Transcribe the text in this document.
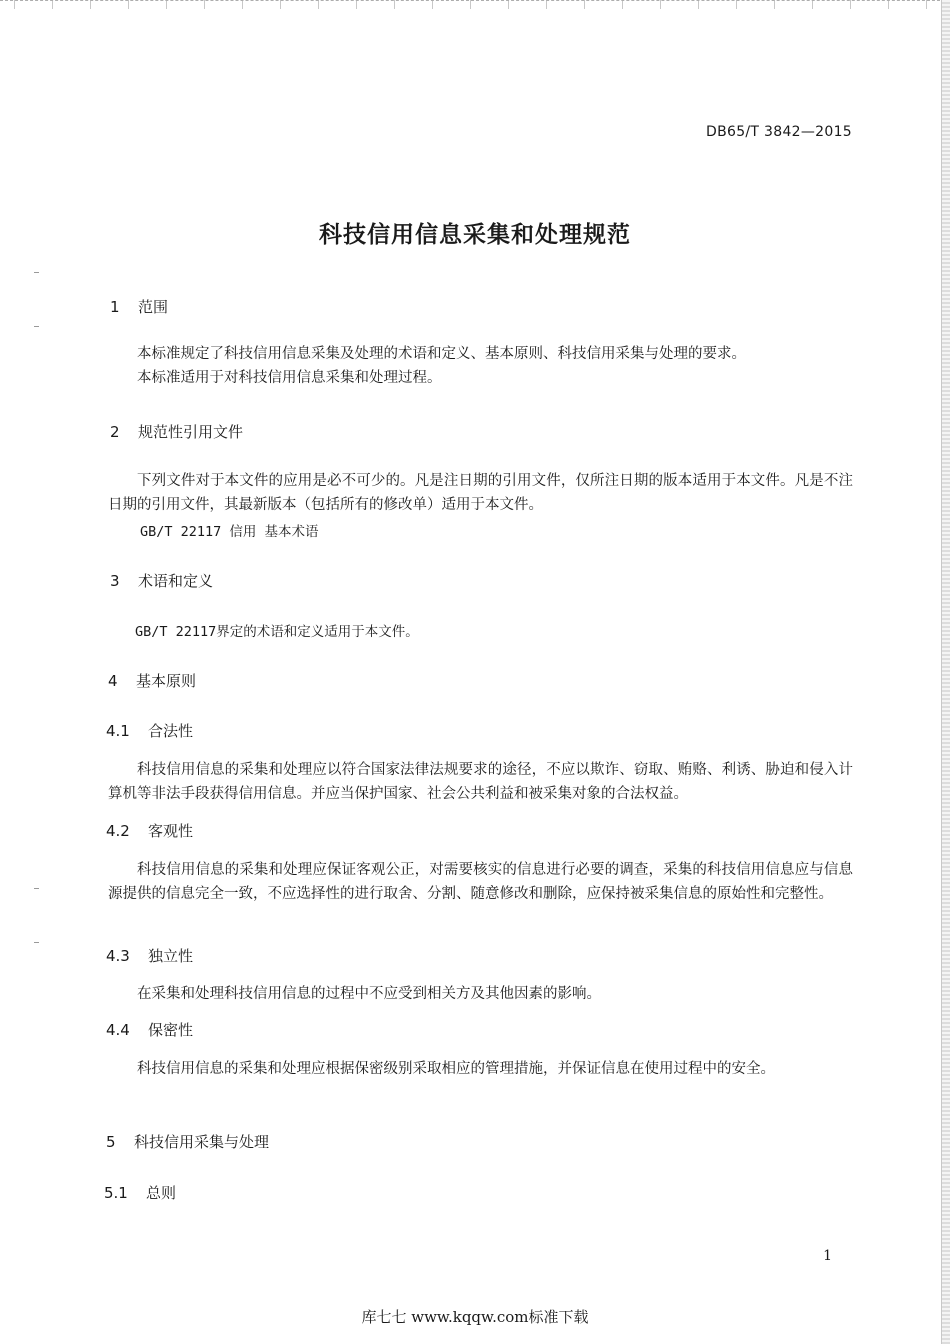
DB65/T 3842—2015
科技信用信息采集和处理规范
1 范围
本标准规定了科技信用信息采集及处理的术语和定义、基本原则、科技信用采集与处理的要求。
本标准适用于对科技信用信息采集和处理过程。
2 规范性引用文件
下列文件对于本文件的应用是必不可少的。凡是注日期的引用文件，仅所注日期的版本适用于本文件。凡是不注日期的引用文件，其最新版本（包括所有的修改单）适用于本文件。
GB/T 22117 信用 基本术语
3 术语和定义
GB/T 22117界定的术语和定义适用于本文件。
4 基本原则
4.1 合法性
科技信用信息的采集和处理应以符合国家法律法规要求的途径，不应以欺诈、窃取、贿赂、利诱、胁迫和侵入计算机等非法手段获得信用信息。并应当保护国家、社会公共利益和被采集对象的合法权益。
4.2 客观性
科技信用信息的采集和处理应保证客观公正，对需要核实的信息进行必要的调查，采集的科技信用信息应与信息源提供的信息完全一致，不应选择性的进行取舍、分割、随意修改和删除，应保持被采集信息的原始性和完整性。
4.3 独立性
在采集和处理科技信用信息的过程中不应受到相关方及其他因素的影响。
4.4 保密性
科技信用信息的采集和处理应根据保密级别采取相应的管理措施，并保证信息在使用过程中的安全。
5 科技信用采集与处理
5.1 总则
1
库七七 www.kqqw.com标准下载
